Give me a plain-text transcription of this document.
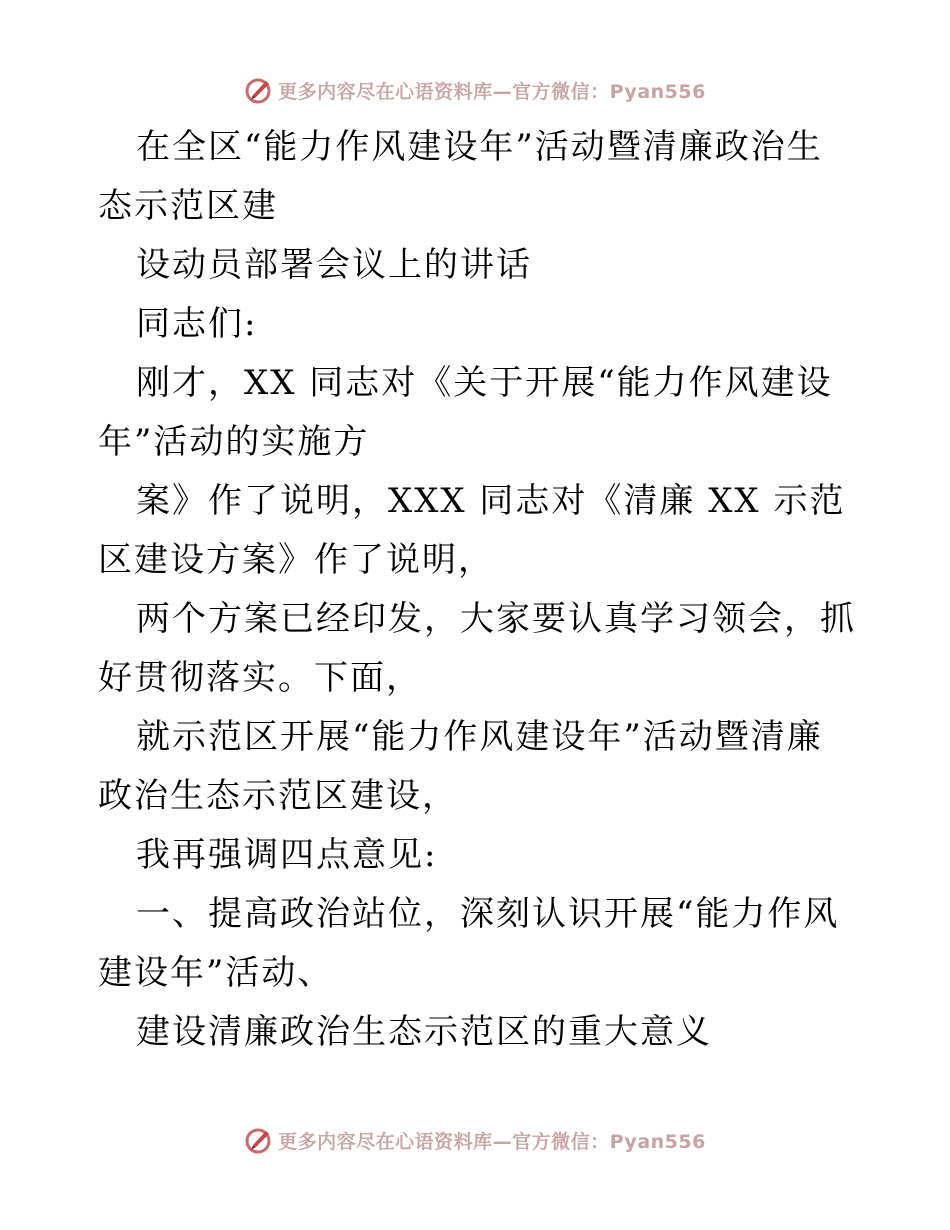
更多内容尽在心语资料库—官方微信：Pyan556
在全区“能力作风建设年”活动暨清廉政治生态示范区建
设动员部署会议上的讲话
同志们:
刚才，XX 同志对《关于开展“能力作风建设年”活动的实施方
案》作了说明，XXX 同志对《清廉 XX 示范区建设方案》作了说明，
两个方案已经印发，大家要认真学习领会，抓好贯彻落实。下面，
就示范区开展“能力作风建设年”活动暨清廉政治生态示范区建设，
我再强调四点意见:
一、提高政治站位，深刻认识开展“能力作风建设年”活动、
建设清廉政治生态示范区的重大意义
更多内容尽在心语资料库—官方微信：Pyan556
